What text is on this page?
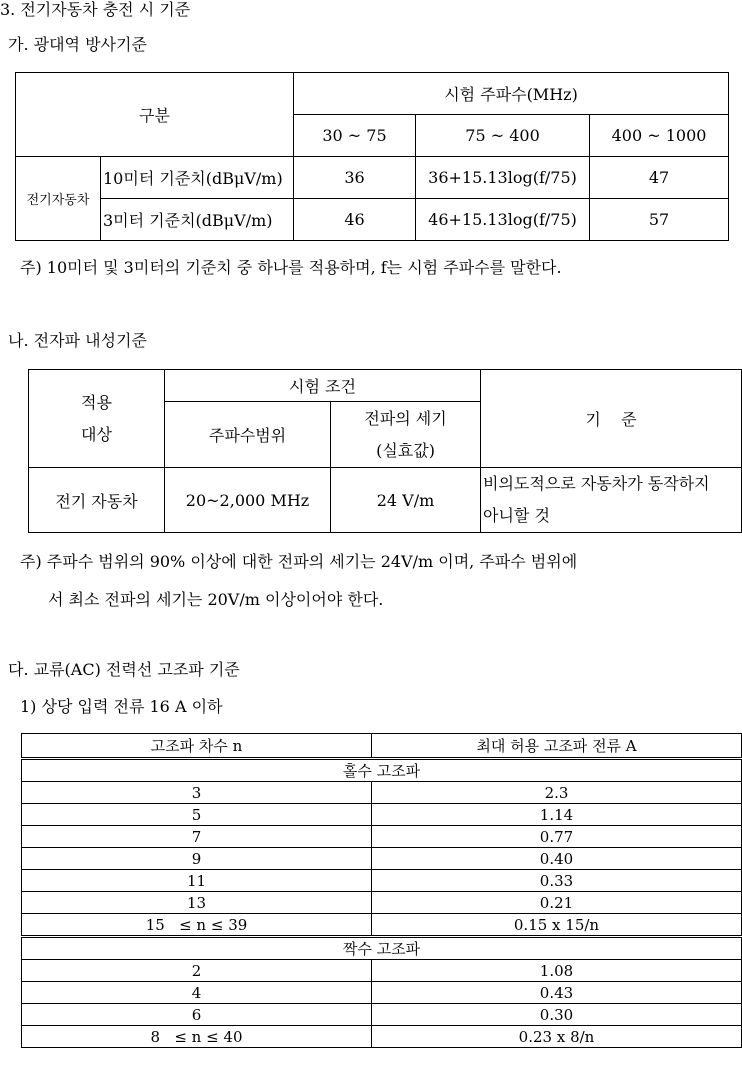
3. 전기자동차 충전 시 기준
가. 광대역 방사기준
구분		시험 주파수(MHz)		
		30 ~ 75	75 ~ 400	400 ~ 1000
전기자동차	10미터 기준치(dBμV/m)	36	36+15.13log(f/75)	47
	3미터 기준치(dBμV/m)	46	46+15.13log(f/75)	57
주) 10미터 및 3미터의 기준치 중 하나를 적용하며, f는 시험 주파수를 말한다.
나. 전자파 내성기준
적용
대상	시험 조건		기    준
	주파수범위	전파의 세기
(실효값)	

전기 자동차	20~2,000 MHz	24 V/m	비의도적으로 자동차가 동작하지
아니할 것
주) 주파수 범위의 90% 이상에 대한 전파의 세기는 24V/m 이며, 주파수 범위에
서 최소 전파의 세기는 20V/m 이상이어야 한다.
다. 교류(AC) 전력선 고조파 기준
1) 상당 입력 전류 16 A 이하
고조파 차수 n	최대 허용 고조파 전류 A
홀수 고조파	
3	2.3
5	1.14
7	0.77
9	0.40
11	0.33
13	0.21
15   ≤ n ≤ 39	0.15 x 15/n
짝수 고조파	
2	1.08
4	0.43
6	0.30
8   ≤ n ≤ 40	0.23 x 8/n
